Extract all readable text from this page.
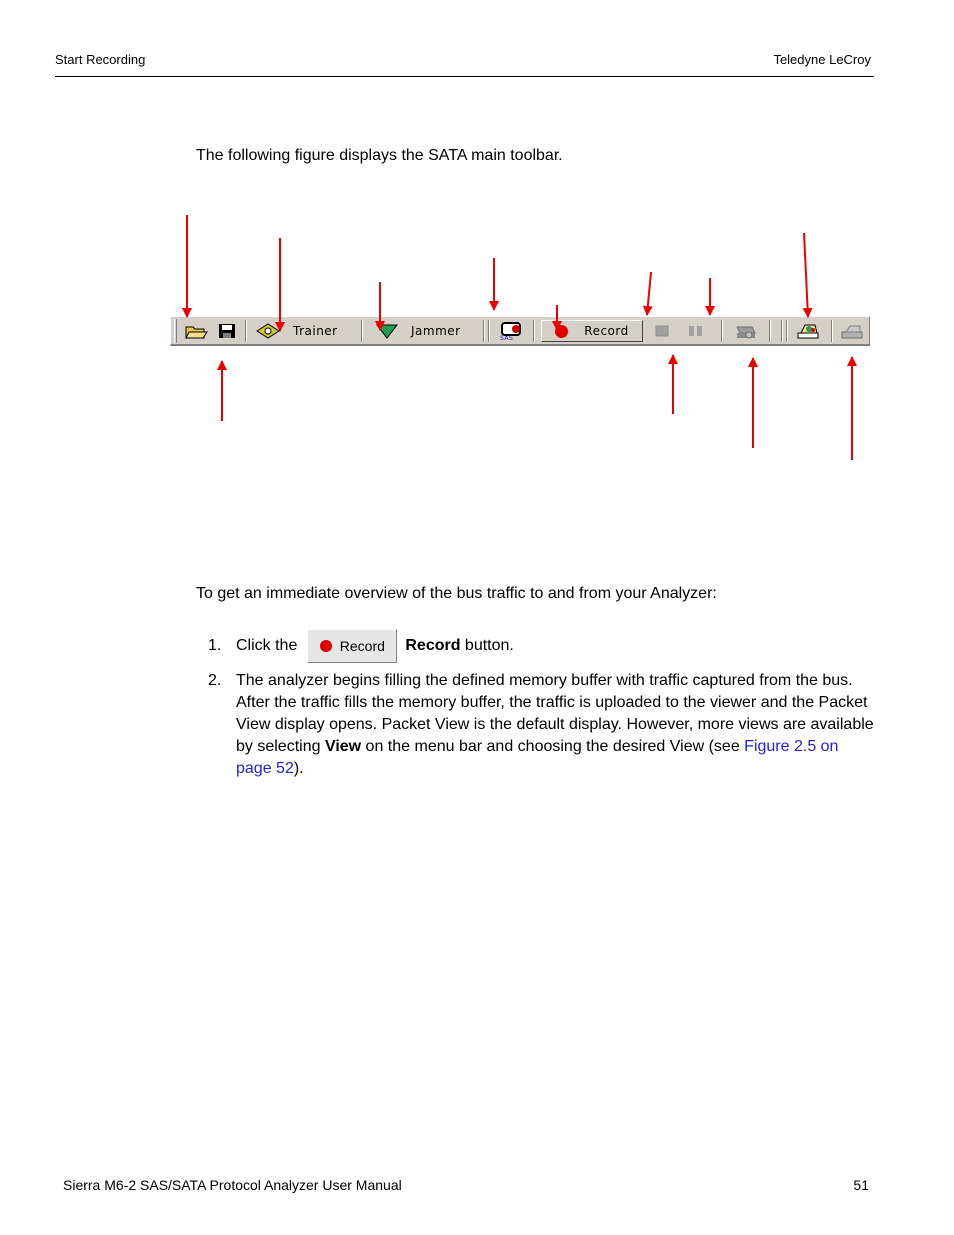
Start Recording	Teledyne LeCroy
The following figure displays the SATA main toolbar.
Trainer	Jammer
SAS
Record
To get an immediate overview of the bus traffic to and from your Analyzer:
1. Click the	Record Record button.
2. The analyzer begins filling the defined memory buffer with traffic captured from the bus. After the traffic fills the memory buffer, the traffic is uploaded to the viewer and the Packet View display opens. Packet View is the default display. However, more views are available by selecting View on the menu bar and choosing the desired View (see Figure 2.5 on page 52).
Sierra M6-2 SAS/SATA Protocol Analyzer User Manual	51
